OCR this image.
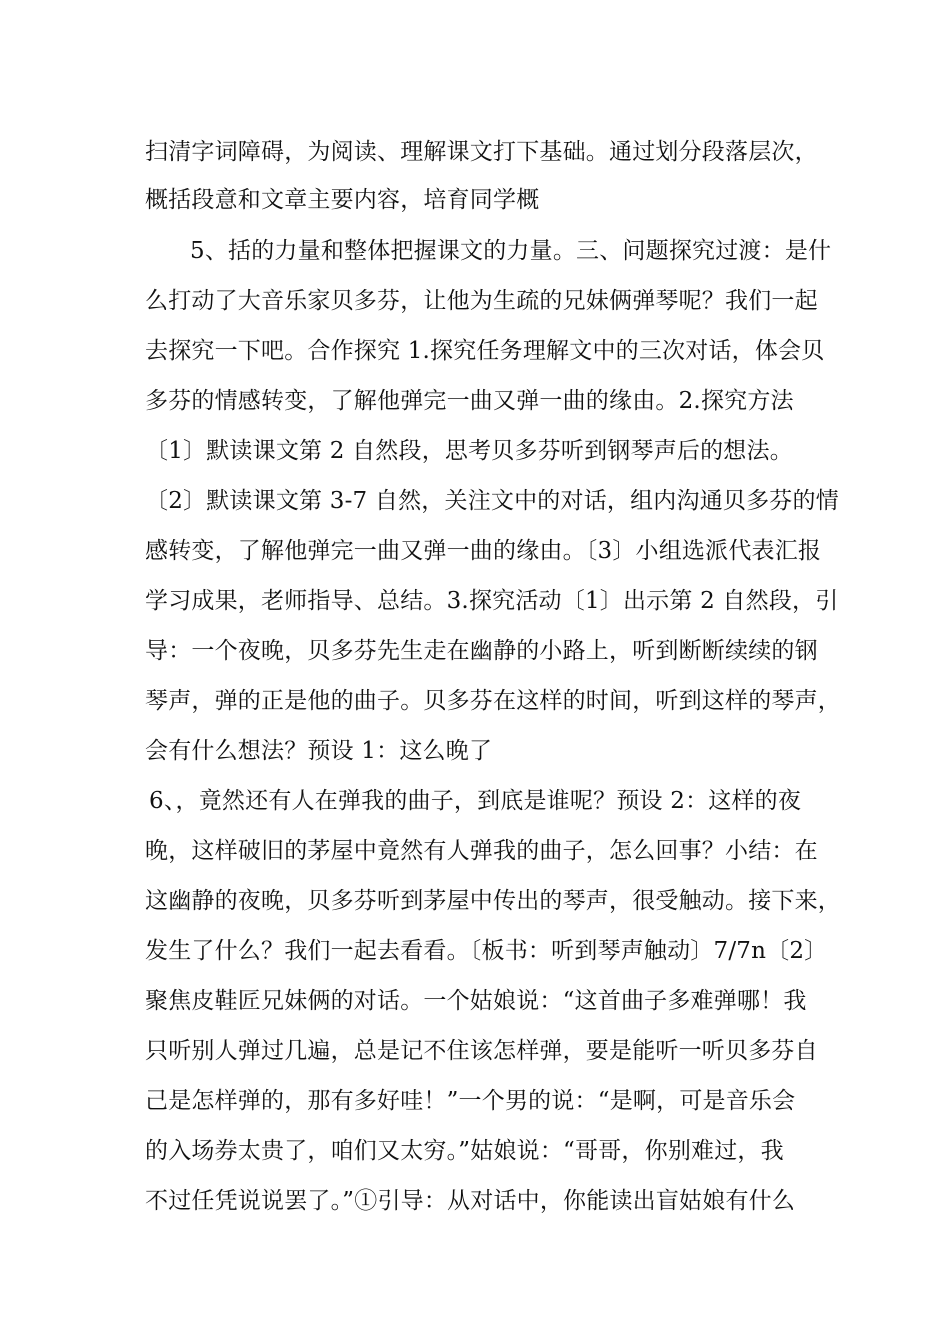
扫清字词障碍，为阅读、理解课文打下基础。通过划分段落层次，
概括段意和文章主要内容，培育同学概
5、括的力量和整体把握课文的力量。三、问题探究过渡：是什
么打动了大音乐家贝多芬，让他为生疏的兄妹俩弹琴呢？我们一起
去探究一下吧。合作探究 1.探究任务理解文中的三次对话，体会贝
多芬的情感转变，了解他弹完一曲又弹一曲的缘由。2.探究方法
〔1〕默读课文第 2 自然段，思考贝多芬听到钢琴声后的想法。
〔2〕默读课文第 3-7 自然，关注文中的对话，组内沟通贝多芬的情
感转变，了解他弹完一曲又弹一曲的缘由。〔3〕小组选派代表汇报
学习成果，老师指导、总结。3.探究活动〔1〕出示第 2 自然段，引
导：一个夜晚，贝多芬先生走在幽静的小路上，听到断断续续的钢
琴声，弹的正是他的曲子。贝多芬在这样的时间，听到这样的琴声，
会有什么想法？预设 1：这么晚了
6、，竟然还有人在弹我的曲子，到底是谁呢？预设 2：这样的夜
晚，这样破旧的茅屋中竟然有人弹我的曲子，怎么回事？小结：在
这幽静的夜晚，贝多芬听到茅屋中传出的琴声，很受触动。接下来，
发生了什么？我们一起去看看。〔板书：听到琴声触动〕7/7n〔2〕
聚焦皮鞋匠兄妹俩的对话。一个姑娘说：“这首曲子多难弹哪！我
只听别人弹过几遍，总是记不住该怎样弹，要是能听一听贝多芬自
己是怎样弹的，那有多好哇！”一个男的说：“是啊，可是音乐会
的入场券太贵了，咱们又太穷。”姑娘说：“哥哥，你别难过，我
不过任凭说说罢了。”①引导：从对话中，你能读出盲姑娘有什么
